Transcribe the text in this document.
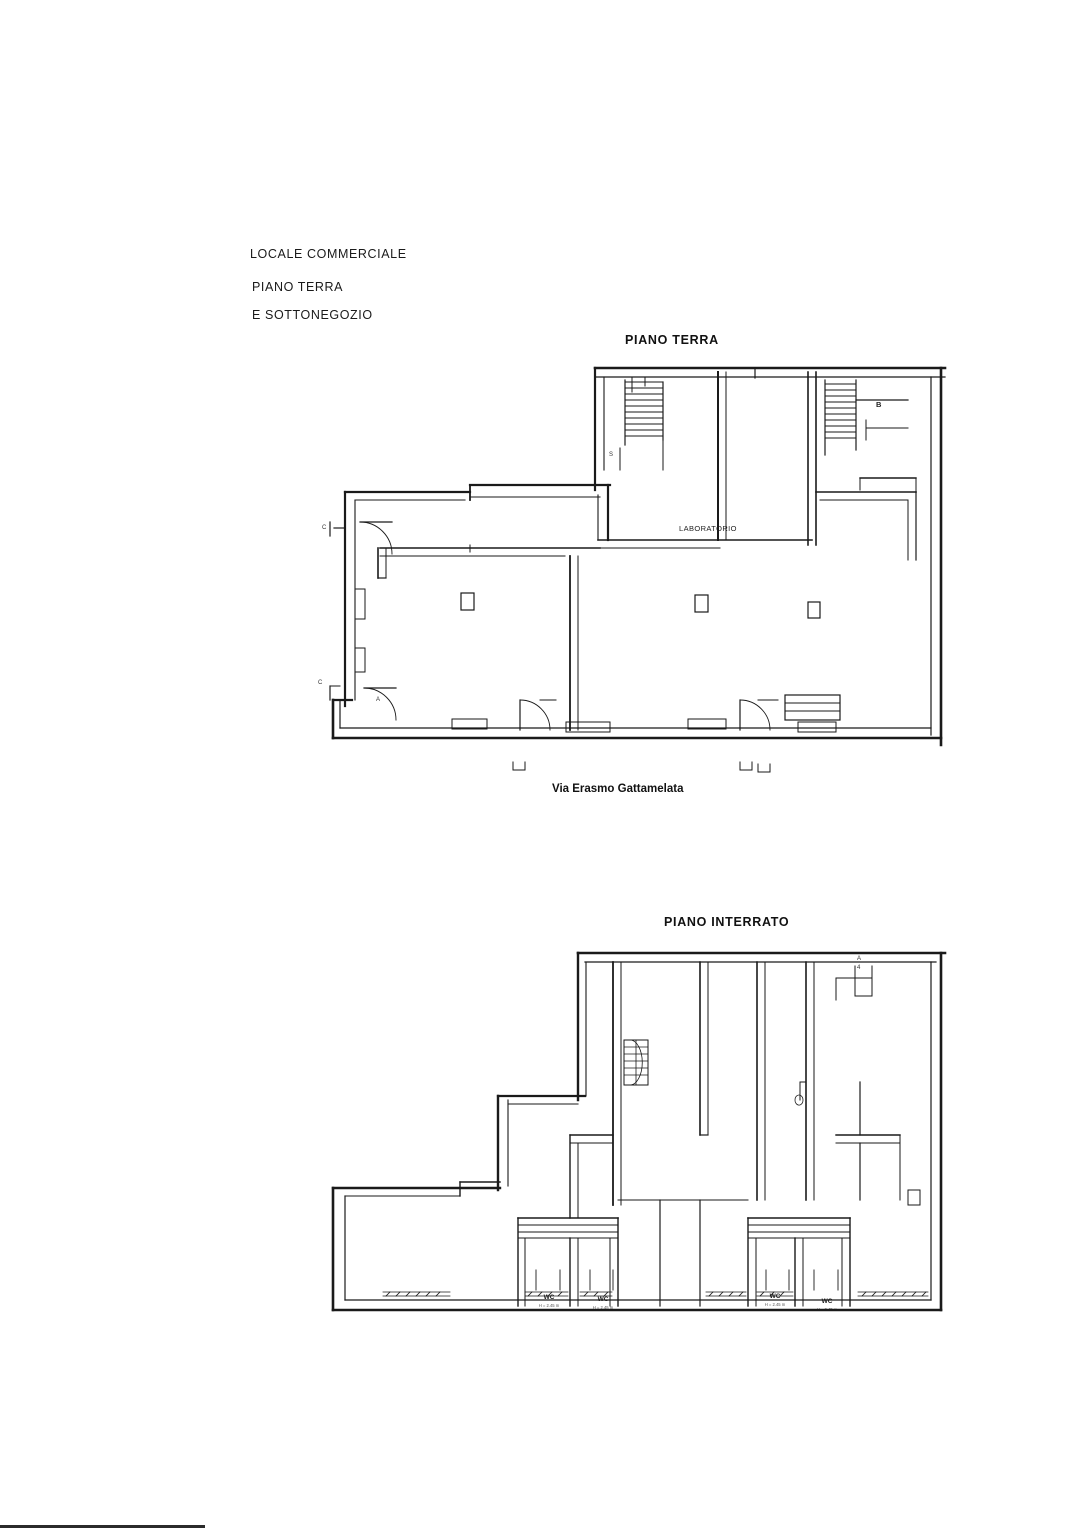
LOCALE COMMERCIALE
PIANO TERRA
E SOTTONEGOZIO
PIANO TERRA
PIANO INTERRATO
LABORATORIO
B
S
C
C
A
Via Erasmo Gattamelata
A
4
WC
H = 2.45 m
WC
H = 2.45 m
WC
H = 2.45 m	WC
H = 2.45 m
